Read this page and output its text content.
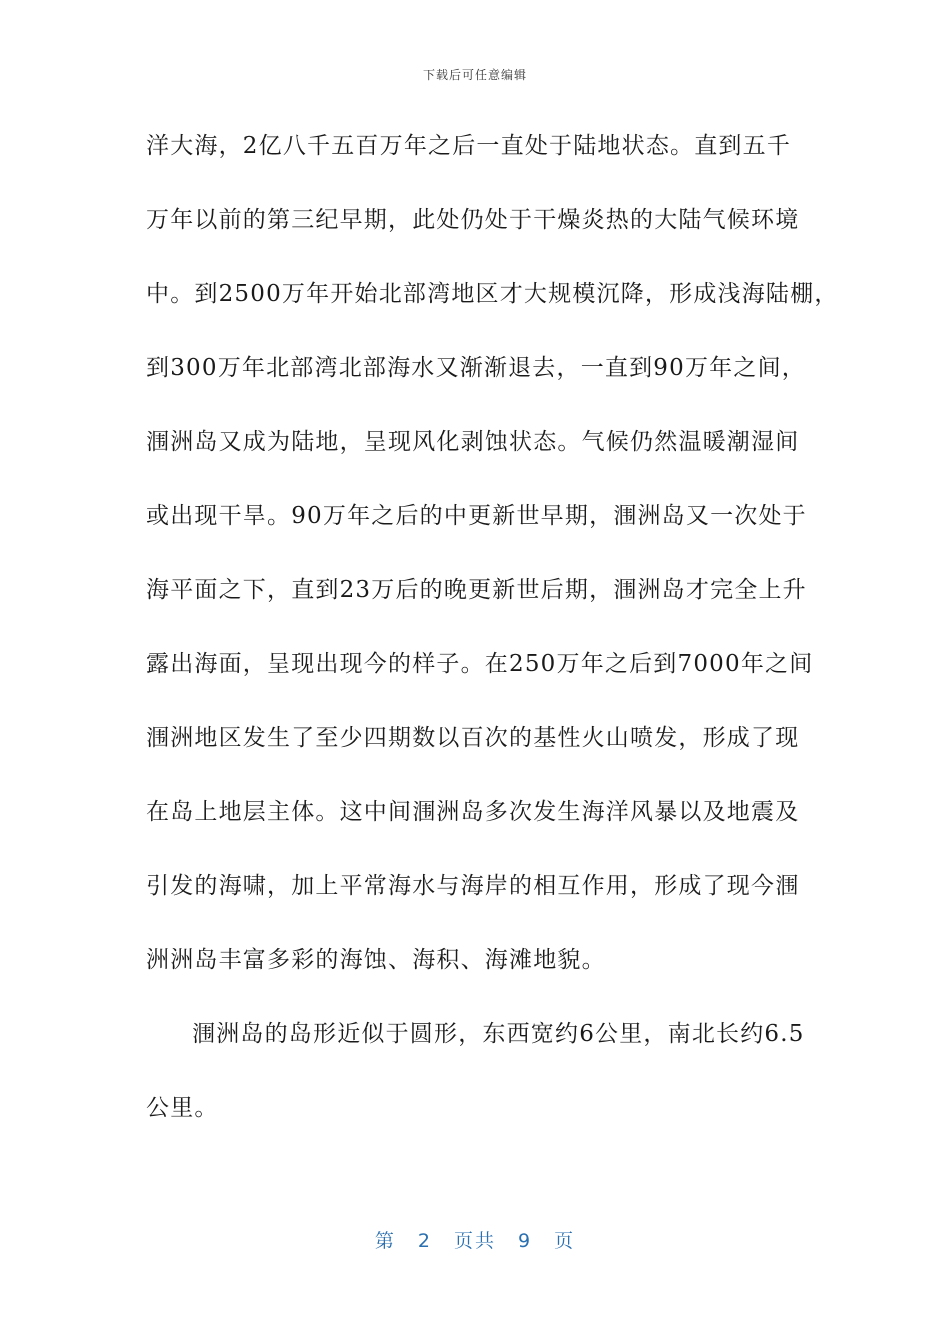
下载后可任意编辑
洋大海，2亿八千五百万年之后一直处于陆地状态。直到五千
万年以前的第三纪早期，此处仍处于干燥炎热的大陆气候环境
中。到2500万年开始北部湾地区才大规模沉降，形成浅海陆棚，
到300万年北部湾北部海水又渐渐退去，一直到90万年之间，
涠洲岛又成为陆地，呈现风化剥蚀状态。气候仍然温暖潮湿间
或出现干旱。90万年之后的中更新世早期，涠洲岛又一次处于
海平面之下，直到23万后的晚更新世后期，涠洲岛才完全上升
露出海面，呈现出现今的样子。在250万年之后到7000年之间
涠洲地区发生了至少四期数以百次的基性火山喷发，形成了现
在岛上地层主体。这中间涠洲岛多次发生海洋风暴以及地震及
引发的海啸，加上平常海水与海岸的相互作用，形成了现今涠
洲洲岛丰富多彩的海蚀、海积、海滩地貌。
涠洲岛的岛形近似于圆形，东西宽约6公里，南北长约6.5
公里。
第 2 页共 9 页
